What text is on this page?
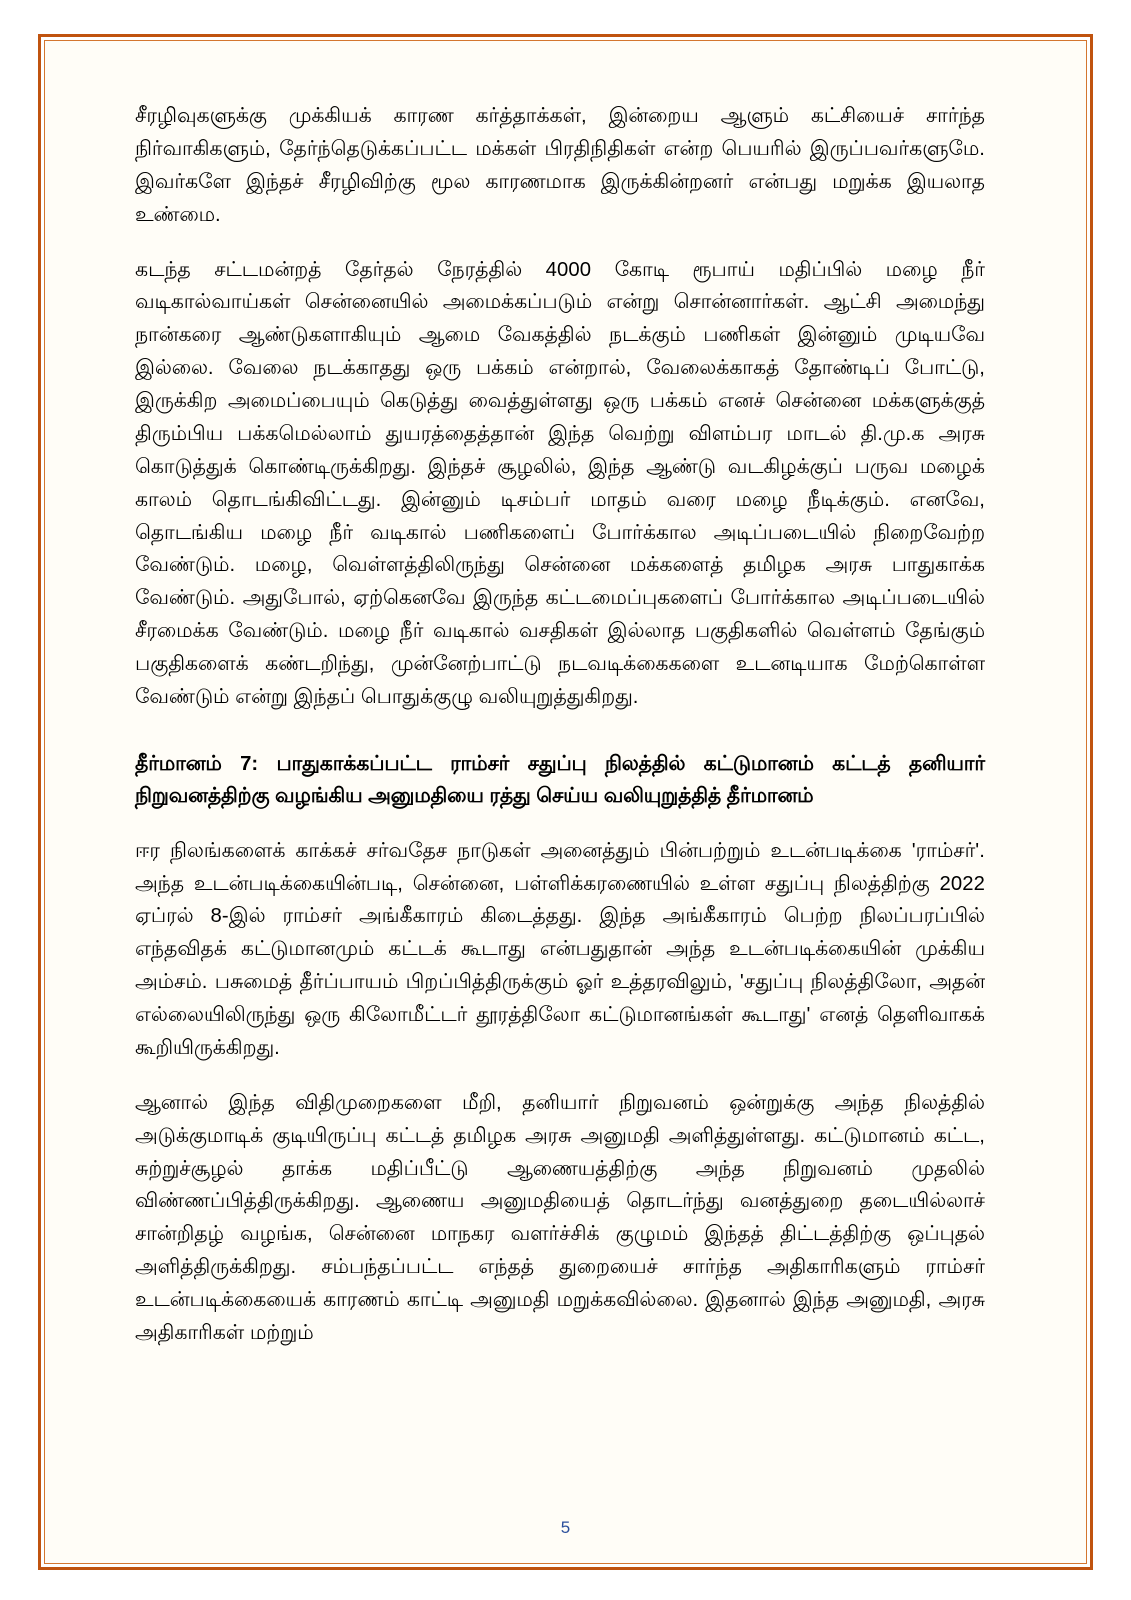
சீரழிவுகளுக்கு முக்கியக் காரண கர்த்தாக்கள், இன்றைய ஆளும் கட்சியைச் சார்ந்த நிர்வாகிகளும், தேர்ந்தெடுக்கப்பட்ட மக்கள் பிரதிநிதிகள் என்ற பெயரில் இருப்பவர்களுமே. இவர்களே இந்தச் சீரழிவிற்கு மூல காரணமாக இருக்கின்றனர் என்பது மறுக்க இயலாத உண்மை.

கடந்த சட்டமன்றத் தேர்தல் நேரத்தில் 4000 கோடி ரூபாய் மதிப்பில் மழை நீர் வடிகால்வாய்கள் சென்னையில் அமைக்கப்படும் என்று சொன்னார்கள். ஆட்சி அமைந்து நான்கரை ஆண்டுகளாகியும் ஆமை வேகத்தில் நடக்கும் பணிகள் இன்னும் முடியவே இல்லை. வேலை நடக்காதது ஒரு பக்கம் என்றால், வேலைக்காகத் தோண்டிப் போட்டு, இருக்கிற அமைப்பையும் கெடுத்து வைத்துள்ளது ஒரு பக்கம் எனச் சென்னை மக்களுக்குத் திரும்பிய பக்கமெல்லாம் துயரத்தைத்தான் இந்த வெற்று விளம்பர மாடல் தி.மு.க அரசு கொடுத்துக் கொண்டிருக்கிறது. இந்தச் சூழலில், இந்த ஆண்டு வடகிழக்குப் பருவ மழைக் காலம் தொடங்கிவிட்டது. இன்னும் டிசம்பர் மாதம் வரை மழை நீடிக்கும். எனவே, தொடங்கிய மழை நீர் வடிகால் பணிகளைப் போர்க்கால அடிப்படையில் நிறைவேற்ற வேண்டும். மழை, வெள்ளத்திலிருந்து சென்னை மக்களைத் தமிழக அரசு பாதுகாக்க வேண்டும். அதுபோல், ஏற்கெனவே இருந்த கட்டமைப்புகளைப் போர்க்கால அடிப்படையில் சீரமைக்க வேண்டும். மழை நீர் வடிகால் வசதிகள் இல்லாத பகுதிகளில் வெள்ளம் தேங்கும் பகுதிகளைக் கண்டறிந்து, முன்னேற்பாட்டு நடவடிக்கைகளை உடனடியாக மேற்கொள்ள வேண்டும் என்று இந்தப் பொதுக்குழு வலியுறுத்துகிறது.

தீர்மானம் 7: பாதுகாக்கப்பட்ட ராம்சர் சதுப்பு நிலத்தில் கட்டுமானம் கட்டத் தனியார் நிறுவனத்திற்கு வழங்கிய அனுமதியை ரத்து செய்ய வலியுறுத்தித் தீர்மானம்

ஈர நிலங்களைக் காக்கச் சர்வதேச நாடுகள் அனைத்தும் பின்பற்றும் உடன்படிக்கை 'ராம்சர்'. அந்த உடன்படிக்கையின்படி, சென்னை, பள்ளிக்கரணையில் உள்ள சதுப்பு நிலத்திற்கு 2022 ஏப்ரல் 8-இல் ராம்சர் அங்கீகாரம் கிடைத்தது. இந்த அங்கீகாரம் பெற்ற நிலப்பரப்பில் எந்தவிதக் கட்டுமானமும் கட்டக் கூடாது என்பதுதான் அந்த உடன்படிக்கையின் முக்கிய அம்சம். பசுமைத் தீர்ப்பாயம் பிறப்பித்திருக்கும் ஓர் உத்தரவிலும், 'சதுப்பு நிலத்திலோ, அதன் எல்லையிலிருந்து ஒரு கிலோமீட்டர் தூரத்திலோ கட்டுமானங்கள் கூடாது' எனத் தெளிவாகக் கூறியிருக்கிறது.

ஆனால் இந்த விதிமுறைகளை மீறி, தனியார் நிறுவனம் ஒன்றுக்கு அந்த நிலத்தில் அடுக்குமாடிக் குடியிருப்பு கட்டத் தமிழக அரசு அனுமதி அளித்துள்ளது. கட்டுமானம் கட்ட, சுற்றுச்சூழல் தாக்க மதிப்பீட்டு ஆணையத்திற்கு அந்த நிறுவனம் முதலில் விண்ணப்பித்திருக்கிறது. ஆணைய அனுமதியைத் தொடர்ந்து வனத்துறை தடையில்லாச் சான்றிதழ் வழங்க, சென்னை மாநகர வளர்ச்சிக் குழுமம் இந்தத் திட்டத்திற்கு ஒப்புதல் அளித்திருக்கிறது. சம்பந்தப்பட்ட எந்தத் துறையைச் சார்ந்த அதிகாரிகளும் ராம்சர் உடன்படிக்கையைக் காரணம் காட்டி அனுமதி மறுக்கவில்லை. இதனால் இந்த அனுமதி, அரசு அதிகாரிகள் மற்றும்

5
